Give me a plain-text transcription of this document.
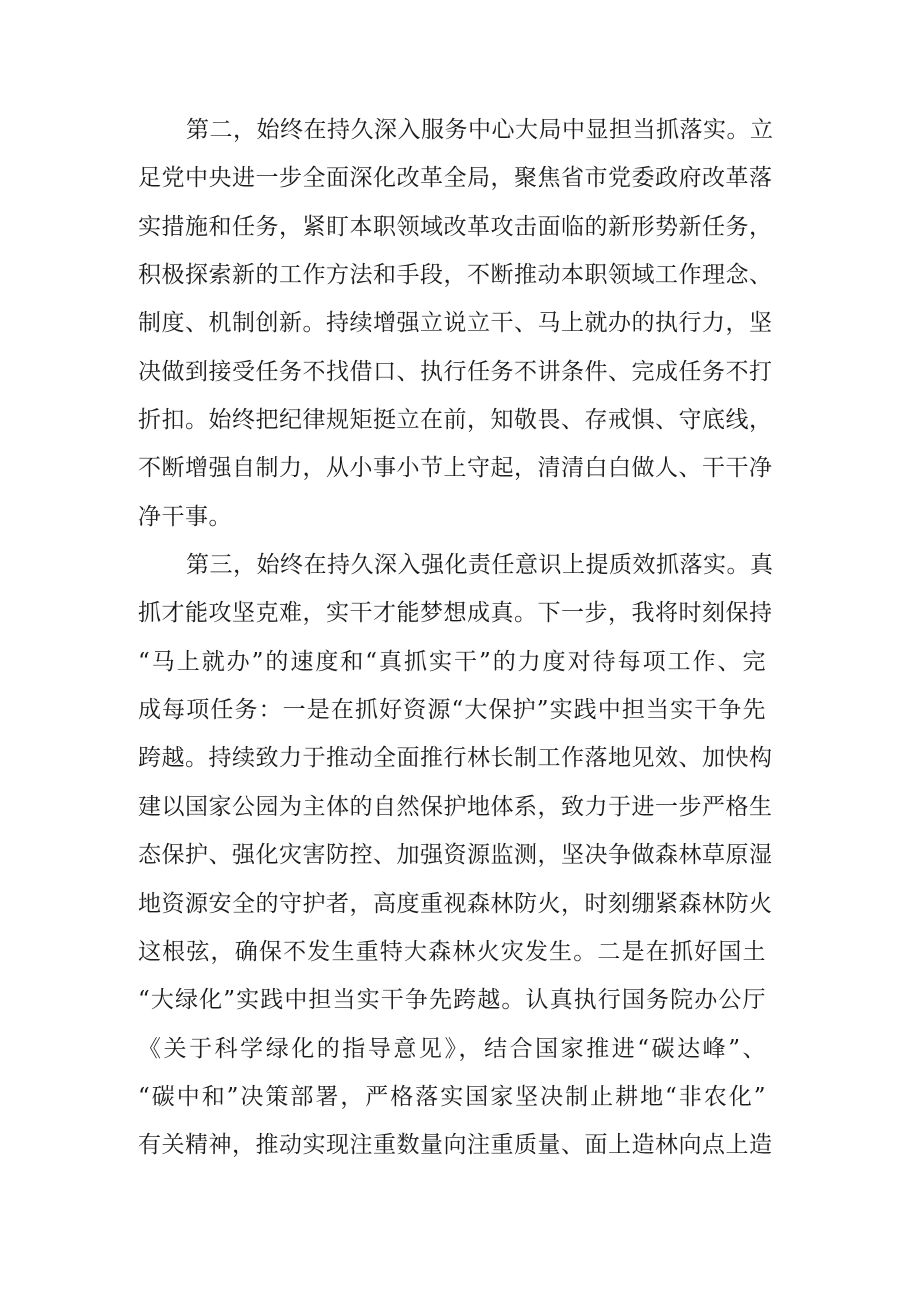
第二，始终在持久深入服务中心大局中显担当抓落实。立
足党中央进一步全面深化改革全局，聚焦省市党委政府改革落
实措施和任务，紧盯本职领域改革攻击面临的新形势新任务，
积极探索新的工作方法和手段，不断推动本职领域工作理念、
制度、机制创新。持续增强立说立干、马上就办的执行力，坚
决做到接受任务不找借口、执行任务不讲条件、完成任务不打
折扣。始终把纪律规矩挺立在前，知敬畏、存戒惧、守底线，
不断增强自制力，从小事小节上守起，清清白白做人、干干净
净干事。
第三，始终在持久深入强化责任意识上提质效抓落实。真
抓才能攻坚克难，实干才能梦想成真。下一步，我将时刻保持
“马上就办”的速度和“真抓实干”的力度对待每项工作、完
成每项任务：一是在抓好资源“大保护”实践中担当实干争先
跨越。持续致力于推动全面推行林长制工作落地见效、加快构
建以国家公园为主体的自然保护地体系，致力于进一步严格生
态保护、强化灾害防控、加强资源监测，坚决争做森林草原湿
地资源安全的守护者，高度重视森林防火，时刻绷紧森林防火
这根弦，确保不发生重特大森林火灾发生。二是在抓好国土
“大绿化”实践中担当实干争先跨越。认真执行国务院办公厅
《关于科学绿化的指导意见》，结合国家推进“碳达峰”、
“碳中和”决策部署，严格落实国家坚决制止耕地“非农化”
有关精神，推动实现注重数量向注重质量、面上造林向点上造
